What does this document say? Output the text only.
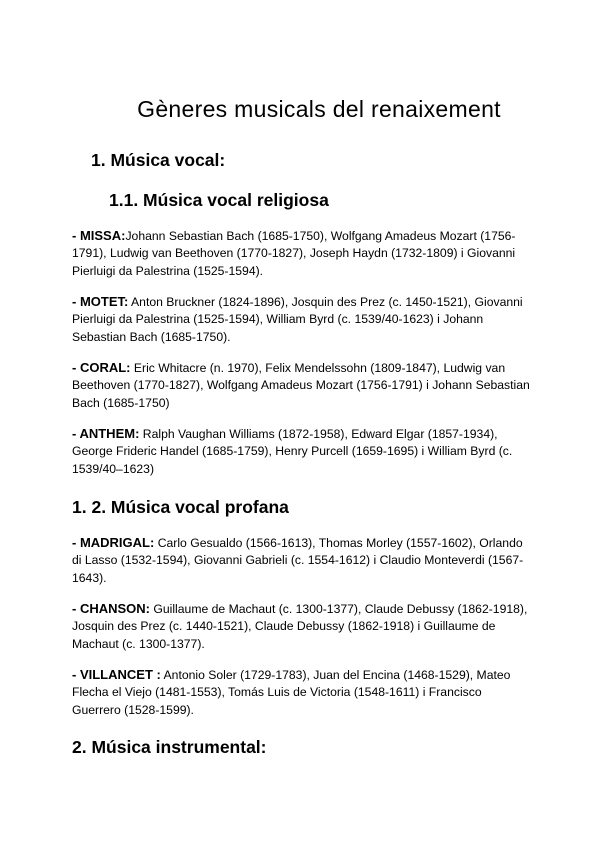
Gèneres musicals del renaixement
1. Música vocal:
1.1. Música vocal religiosa

- MISSA:Johann Sebastian Bach (1685-1750), Wolfgang Amadeus Mozart (1756-1791), Ludwig van Beethoven (1770-1827), Joseph Haydn (1732-1809) i Giovanni Pierluigi da Palestrina (1525-1594).

- MOTET: Anton Bruckner (1824-1896), Josquin des Prez (c. 1450-1521), Giovanni Pierluigi da Palestrina (1525-1594), William Byrd (c. 1539/40-1623) i Johann Sebastian Bach (1685-1750).

- CORAL: Eric Whitacre (n. 1970), Felix Mendelssohn (1809-1847), Ludwig van Beethoven (1770-1827), Wolfgang Amadeus Mozart (1756-1791) i Johann Sebastian Bach (1685-1750)

- ANTHEM: Ralph Vaughan Williams (1872-1958), Edward Elgar (1857-1934), George Frideric Handel (1685-1759), Henry Purcell (1659-1695) i William Byrd (c. 1539/40–1623)

1. 2. Música vocal profana

- MADRIGAL: Carlo Gesualdo (1566-1613), Thomas Morley (1557-1602), Orlando di Lasso (1532-1594), Giovanni Gabrieli (c. 1554-1612) i Claudio Monteverdi (1567-1643).

- CHANSON: Guillaume de Machaut (c. 1300-1377), Claude Debussy (1862-1918), Josquin des Prez (c. 1440-1521), Claude Debussy (1862-1918) i Guillaume de Machaut (c. 1300-1377).

- VILLANCET : Antonio Soler (1729-1783), Juan del Encina (1468-1529), Mateo Flecha el Viejo (1481-1553), Tomás Luis de Victoria (1548-1611) i Francisco Guerrero (1528-1599).

2. Música instrumental:
